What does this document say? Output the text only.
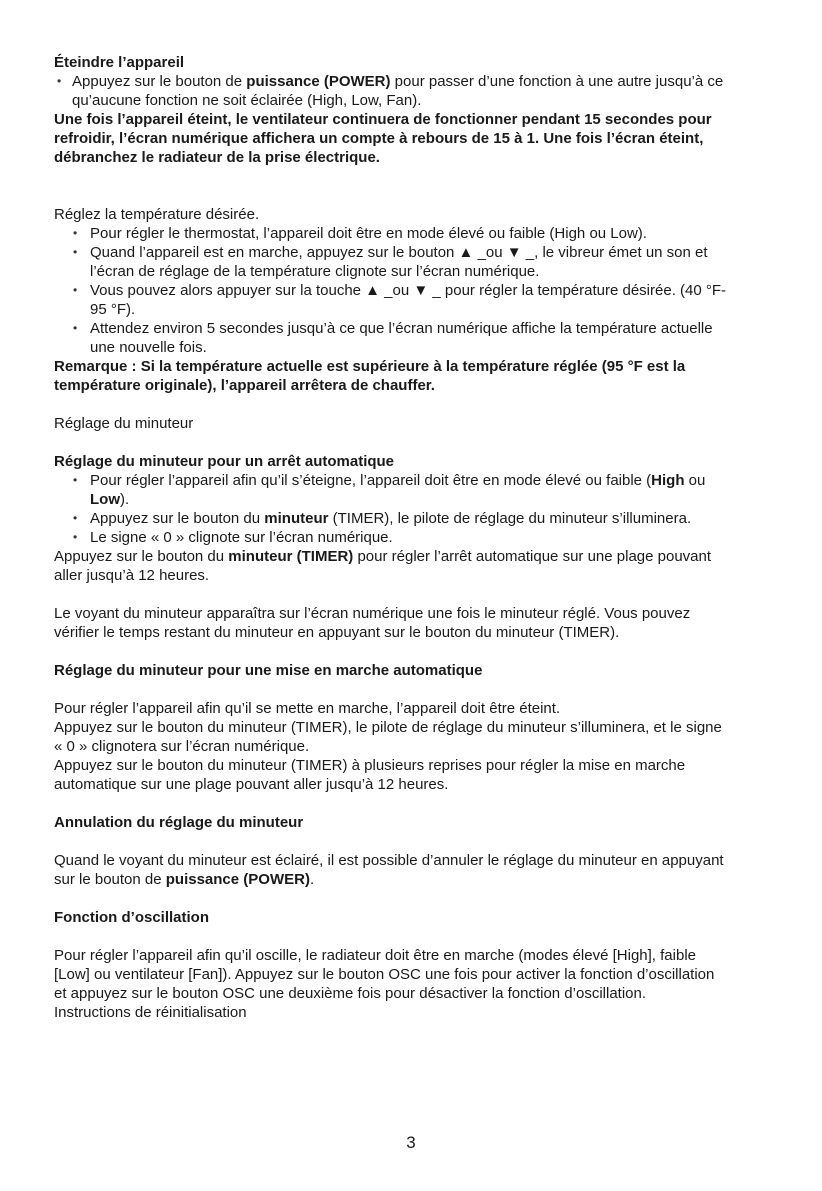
Éteindre l’appareil
• Appuyez sur le bouton de puissance (POWER) pour passer d’une fonction à une autre jusqu’à ce
qu’aucune fonction ne soit éclairée (High, Low, Fan).
Une fois l’appareil éteint, le ventilateur continuera de fonctionner pendant 15 secondes pour
refroidir, l’écran numérique affichera un compte à rebours de 15 à 1. Une fois l’écran éteint,
débranchez le radiateur de la prise électrique.
Réglez la température désirée.
• Pour régler le thermostat, l’appareil doit être en mode élevé ou faible (High ou Low).
• Quand l’appareil est en marche, appuyez sur le bouton ▲ _ou ▼ _, le vibreur émet un son et
l’écran de réglage de la température clignote sur l’écran numérique.
• Vous pouvez alors appuyer sur la touche ▲ _ou ▼ _ pour régler la température désirée. (40 °F-
95 °F).
• Attendez environ 5 secondes jusqu’à ce que l’écran numérique affiche la température actuelle
une nouvelle fois.
Remarque : Si la température actuelle est supérieure à la température réglée (95 °F est la
température originale), l’appareil arrêtera de chauffer.
Réglage du minuteur
Réglage du minuteur pour un arrêt automatique
• Pour régler l’appareil afin qu’il s’éteigne, l’appareil doit être en mode élevé ou faible (High ou
Low).
• Appuyez sur le bouton du minuteur (TIMER), le pilote de réglage du minuteur s’illuminera.
• Le signe « 0 » clignote sur l’écran numérique.
Appuyez sur le bouton du minuteur (TIMER) pour régler l’arrêt automatique sur une plage pouvant
aller jusqu’à 12 heures.
Le voyant du minuteur apparaîtra sur l’écran numérique une fois le minuteur réglé. Vous pouvez
vérifier le temps restant du minuteur en appuyant sur le bouton du minuteur (TIMER).
Réglage du minuteur pour une mise en marche automatique
Pour régler l’appareil afin qu’il se mette en marche, l’appareil doit être éteint.
Appuyez sur le bouton du minuteur (TIMER), le pilote de réglage du minuteur s’illuminera, et le signe
« 0 » clignotera sur l’écran numérique.
Appuyez sur le bouton du minuteur (TIMER) à plusieurs reprises pour régler la mise en marche
automatique sur une plage pouvant aller jusqu’à 12 heures.
Annulation du réglage du minuteur
Quand le voyant du minuteur est éclairé, il est possible d’annuler le réglage du minuteur en appuyant
sur le bouton de puissance (POWER).
Fonction d’oscillation
Pour régler l’appareil afin qu’il oscille, le radiateur doit être en marche (modes élevé [High], faible
[Low] ou ventilateur [Fan]). Appuyez sur le bouton OSC une fois pour activer la fonction d’oscillation
et appuyez sur le bouton OSC une deuxième fois pour désactiver la fonction d’oscillation.
Instructions de réinitialisation
3
